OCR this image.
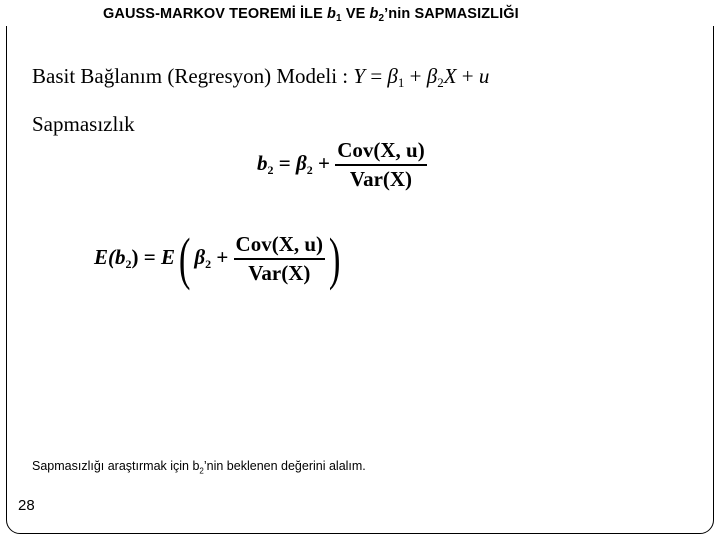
GAUSS-MARKOV TEOREMİ İLE $b_1$ VE $b_2’nin$ SAPMASIZLIĞI
Basit Bağlanım (Regresyon) Modeli : $Y = \beta_1 + \beta_2X + u$
Sapmasızlık
$b_2 = \beta_2 + \frac{\text{Cov(X, u)}}{\text{Var(X)}}$
$E(b_2) = E$( $\beta_2 + \frac{\text{Cov(X, u)}}{\text{Var(X)}}$ )
Sapmasızlığı araştırmak için $b_2’nin$ beklenen değerini alalım.
28
